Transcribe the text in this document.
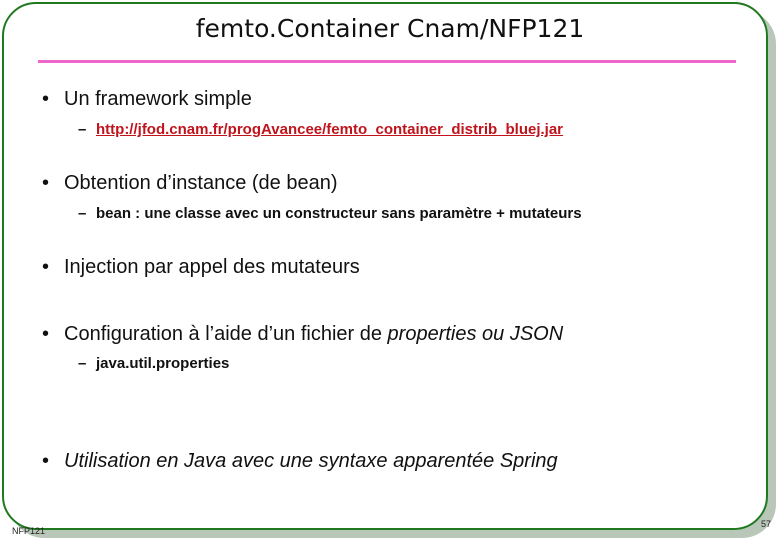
femto.Container Cnam/NFP121
• Un framework simple
– http://jfod.cnam.fr/progAvancee/femto_container_distrib_bluej.jar
• Obtention d’instance (de bean)
– bean : une classe avec un constructeur sans paramètre + mutateurs
• Injection par appel des mutateurs
• Configuration à l’aide d’un fichier de properties ou JSON
– java.util.properties
• Utilisation en Java avec une syntaxe apparentée Spring
NFP121
57
